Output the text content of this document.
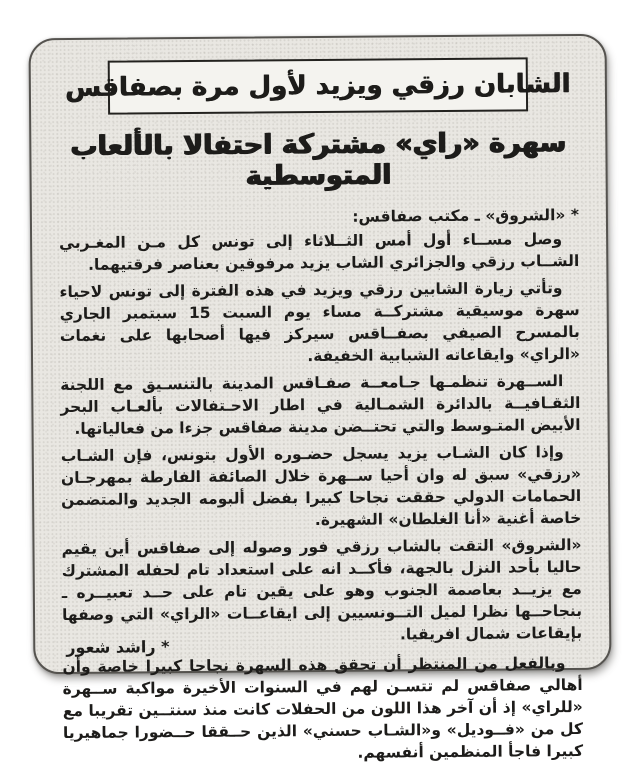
الشابان رزقي ويزيد لأول مرة بصفاقس
سهرة «راي» مشتركة احتفالا بالألعاب المتوسطية

* «الشروق» ـ مكتب صفاقس:

وصل مســاء أول أمس الثــلاثاء إلى تونس كل مـن المغـربي الشــاب رزقي والجزائري الشاب يزيد مرفوقين بعناصر فرقتيهما.

وتأتي زيارة الشابين رزقي ويزيد في هذه الفترة إلى تونس لاحياء سهرة موسيقية مشتركــة مساء يوم السبت 15 سبتمبر الجاري بالمسرح الصيفي بصفــاقس سيركز فيها أصحابها على نغمات «الراي» وايقاعاته الشبابية الخفيفة.

الســهرة تنظمـها جـامعــة صفـاقس المدينة بالتنسـيق مع اللجنة الثقـافيــة بالدائرة الشمـالية في اطار الاحـتفالات بألعـاب البحر الأبيض المتـوسط والتي تحتــضن مدينة صفاقس جزءا من فعالياتها.

وإذا كان الشـاب يزيد يسجل حضـوره الأول بتونس، فإن الشـاب «رزقي» سبق له وان أحيا ســهرة خلال الصائفة الفارطة بمهرجـان الحمامات الدولي حققت نجاحا كبيرا بفضل ألبومه الجديد والمتضمن خاصة أغنية «أنا الغلطان» الشهيرة.

«الشروق» التقت بالشاب رزقي فور وصوله إلى صفاقس أين يقيم حاليا بأحد النزل بالجهة، فأكــد انه على استعداد تام لحفله المشترك مع يزيــد بعاصمة الجنوب وهو على يقين تام على حــد تعبيــره ـ بنجاحــها نظرا لميل التــونسيين إلى ايقاعــات «الراي» التي وصفها بإيقاعات شمال افريقيا.

وبالفعل من المنتظر أن تحقق هذه السهرة نجاحا كبيرا خاصة وأن أهالي صفاقس لم تتسـن لهم في السنوات الأخيرة مواكبة ســهرة «للراي» إذ أن آخر هذا اللون من الحفلات كانت منذ سنتــين تقريبا مع كل من «فــوديل» و«الشـاب حسني» الذين حــققا حــضورا جماهيريا كبيرا فاجأ المنظمين أنفسهم.

* راشد شعور
